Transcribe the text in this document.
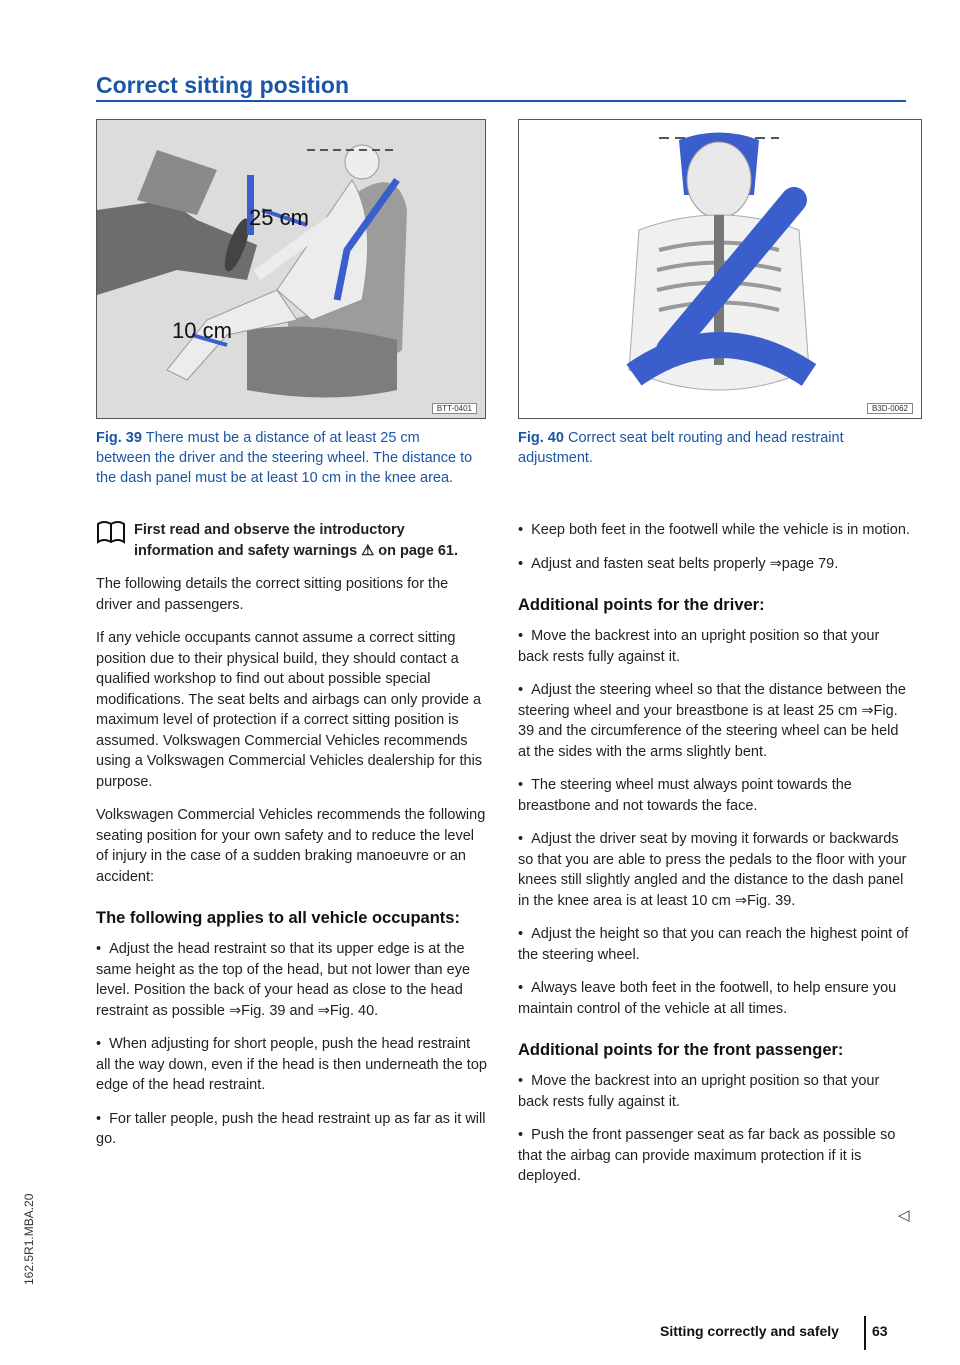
Correct sitting position
25 cm
10 cm
BTT-0401	B3D-0062

Fig. 39 There must be a distance of at least 25 cm between the driver and the steering wheel. The distance to the dash panel must be at least 10 cm in the knee area.

Fig. 40 Correct seat belt routing and head restraint adjustment.

First read and observe the introductory information and safety warnings ⚠ on page 61.

The following details the correct sitting positions for the driver and passengers.

If any vehicle occupants cannot assume a correct sitting position due to their physical build, they should contact a qualified workshop to find out about possible special modifications. The seat belts and airbags can only provide a maximum level of protection if a correct sitting position is assumed. Volkswagen Commercial Vehicles recommends using a Volkswagen Commercial Vehicles dealership for this purpose.

Volkswagen Commercial Vehicles recommends the following seating position for your own safety and to reduce the level of injury in the case of a sudden braking manoeuvre or an accident:

The following applies to all vehicle occupants:
• Adjust the head restraint so that its upper edge is at the same height as the top of the head, but not lower than eye level. Position the back of your head as close to the head restraint as possible ⇒Fig. 39 and ⇒Fig. 40.
• When adjusting for short people, push the head restraint all the way down, even if the head is then underneath the top edge of the head restraint.
• For taller people, push the head restraint up as far as it will go.
• Keep both feet in the footwell while the vehicle is in motion.
• Adjust and fasten seat belts properly ⇒page 79.
Additional points for the driver:
• Move the backrest into an upright position so that your back rests fully against it.
• Adjust the steering wheel so that the distance between the steering wheel and your breastbone is at least 25 cm ⇒Fig. 39 and the circumference of the steering wheel can be held at the sides with the arms slightly bent.
• The steering wheel must always point towards the breastbone and not towards the face.
• Adjust the driver seat by moving it forwards or backwards so that you are able to press the pedals to the floor with your knees still slightly angled and the distance to the dash panel in the knee area is at least 10 cm ⇒Fig. 39.
• Adjust the height so that you can reach the highest point of the steering wheel.
• Always leave both feet in the footwell, to help ensure you maintain control of the vehicle at all times.
Additional points for the front passenger:
• Move the backrest into an upright position so that your back rests fully against it.
• Push the front passenger seat as far back as possible so that the airbag can provide maximum protection if it is deployed.
◁
162.5R1.MBA.20
Sitting correctly and safely 63
